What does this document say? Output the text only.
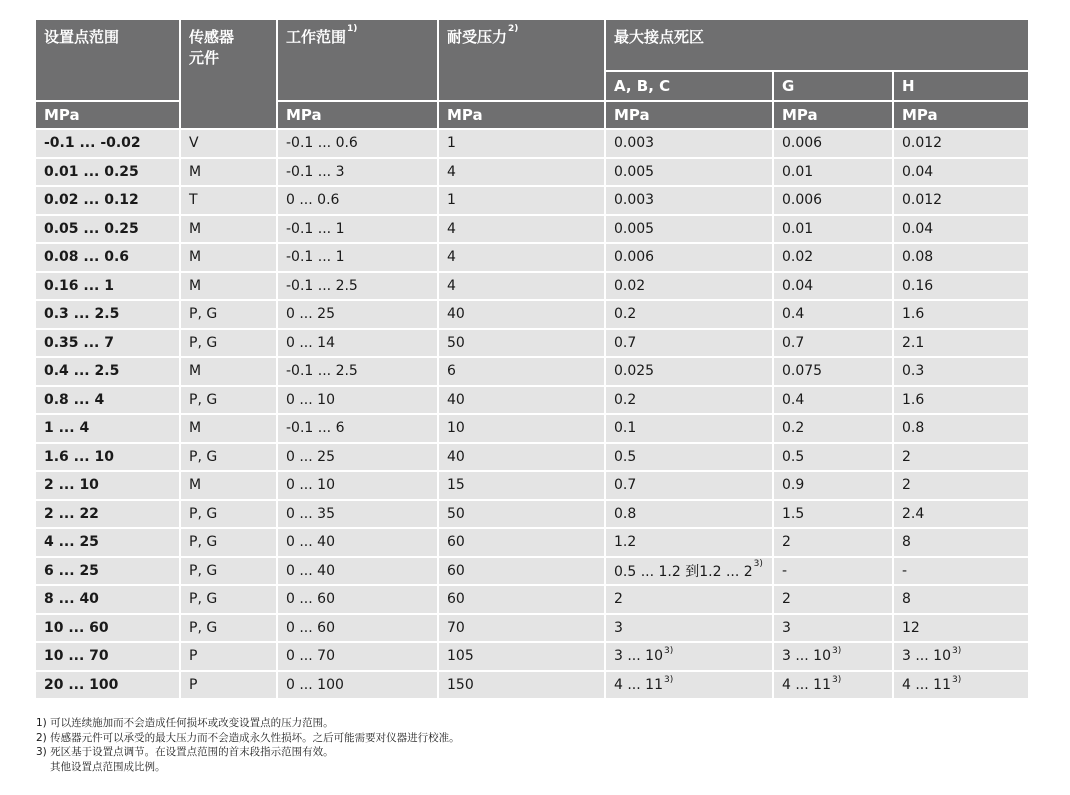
设置点范围	传感器元件	工作范围$^{1)}$	耐受压力$^{2)}$	最大接点死区		
				A, B, C	G	H
MPa		MPa	MPa	MPa	MPa	MPa
-0.1 ... -0.02	V	-0.1 ... 0.6	1	0.003	0.006	0.012
0.01 ... 0.25	M	-0.1 ... 3	4	0.005	0.01	0.04
0.02 ... 0.12	T	0 ... 0.6	1	0.003	0.006	0.012
0.05 ... 0.25	M	-0.1 ... 1	4	0.005	0.01	0.04
0.08 ... 0.6	M	-0.1 ... 1	4	0.006	0.02	0.08
0.16 ... 1	M	-0.1 ... 2.5	4	0.02	0.04	0.16
0.3 ... 2.5	P, G	0 ... 25	40	0.2	0.4	1.6
0.35 ... 7	P, G	0 ... 14	50	0.7	0.7	2.1
0.4 ... 2.5	M	-0.1 ... 2.5	6	0.025	0.075	0.3
0.8 ... 4	P, G	0 ... 10	40	0.2	0.4	1.6
1 ... 4	M	-0.1 ... 6	10	0.1	0.2	0.8
1.6 ... 10	P, G	0 ... 25	40	0.5	0.5	2
2 ... 10	M	0 ... 10	15	0.7	0.9	2
2 ... 22	P, G	0 ... 35	50	0.8	1.5	2.4
4 ... 25	P, G	0 ... 40	60	1.2	2	8
6 ... 25	P, G	0 ... 40	60	0.5 ... 1.2 到1.2 ... 2$^{3)}$	-	-
8 ... 40	P, G	0 ... 60	60	2	2	8
10 ... 60	P, G	0 ... 60	70	3	3	12
10 ... 70	P	0 ... 70	105	3 ... 10$^{3)}$	3 ... 10$^{3)}$	3 ... 10$^{3)}$
20 ... 100	P	0 ... 100	150	4 ... 11$^{3)}$	4 ... 11$^{3)}$	4 ... 11$^{3)}$
1) 可以连续施加而不会造成任何损坏或改变设置点的压力范围。
2) 传感器元件可以承受的最大压力而不会造成永久性损坏。之后可能需要对仪器进行校准。
3) 死区基于设置点调节。在设置点范围的首末段指示范围有效。
其他设置点范围成比例。
